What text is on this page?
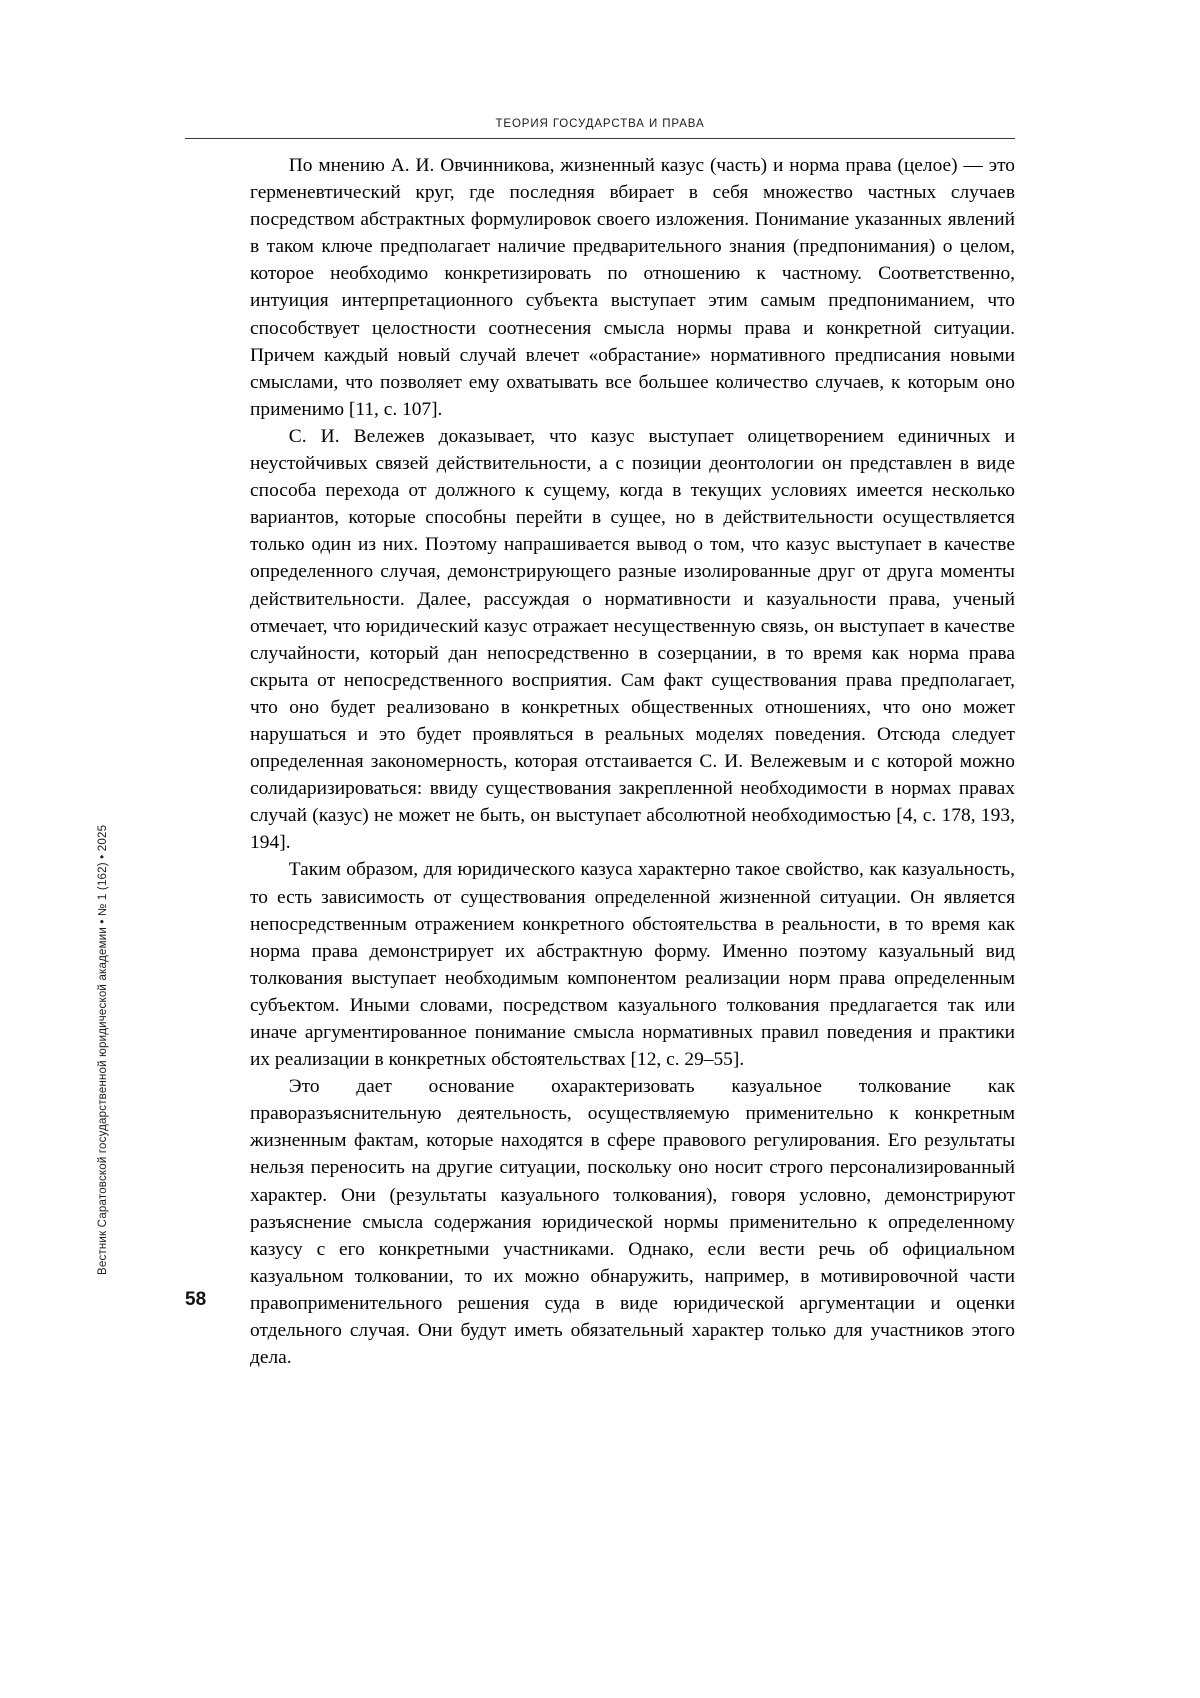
ТЕОРИЯ ГОСУДАРСТВА И ПРАВА
Вестник Саратовской государственной юридической академии • № 1 (162) • 2025
58

По мнению А. И. Овчинникова, жизненный казус (часть) и норма права (целое) — это герменевтический круг, где последняя вбирает в себя множество частных случаев посредством абстрактных формулировок своего изложения. Понимание указанных явлений в таком ключе предполагает наличие предварительного знания (предпонимания) о целом, которое необходимо конкретизировать по отношению к частному. Соответственно, интуиция интерпретационного субъекта выступает этим самым предпониманием, что способствует целостности соотнесения смысла нормы права и конкретной ситуации. Причем каждый новый случай влечет «обрастание» нормативного предписания новыми смыслами, что позволяет ему охватывать все большее количество случаев, к которым оно применимо [11, с. 107].

С. И. Вележев доказывает, что казус выступает олицетворением единичных и неустойчивых связей действительности, а с позиции деонтологии он представлен в виде способа перехода от должного к сущему, когда в текущих условиях имеется несколько вариантов, которые способны перейти в сущее, но в действительности осуществляется только один из них. Поэтому напрашивается вывод о том, что казус выступает в качестве определенного случая, демонстрирующего разные изолированные друг от друга моменты действительности. Далее, рассуждая о нормативности и казуальности права, ученый отмечает, что юридический казус отражает несущественную связь, он выступает в качестве случайности, который дан непосредственно в созерцании, в то время как норма права скрыта от непосредственного восприятия. Сам факт существования права предполагает, что оно будет реализовано в конкретных общественных отношениях, что оно может нарушаться и это будет проявляться в реальных моделях поведения. Отсюда следует определенная закономерность, которая отстаивается С. И. Вележевым и с которой можно солидаризироваться: ввиду существования закрепленной необходимости в нормах правах случай (казус) не может не быть, он выступает абсолютной необходимостью [4, с. 178, 193, 194].

Таким образом, для юридического казуса характерно такое свойство, как казуальность, то есть зависимость от существования определенной жизненной ситуации. Он является непосредственным отражением конкретного обстоятельства в реальности, в то время как норма права демонстрирует их абстрактную форму. Именно поэтому казуальный вид толкования выступает необходимым компонентом реализации норм права определенным субъектом. Иными словами, посредством казуального толкования предлагается так или иначе аргументированное понимание смысла нормативных правил поведения и практики их реализации в конкретных обстоятельствах [12, с. 29–55].

Это дает основание охарактеризовать казуальное толкование как праворазъяснительную деятельность, осуществляемую применительно к конкретным жизненным фактам, которые находятся в сфере правового регулирования. Его результаты нельзя переносить на другие ситуации, поскольку оно носит строго персонализированный характер. Они (результаты казуального толкования), говоря условно, демонстрируют разъяснение смысла содержания юридической нормы применительно к определенному казусу с его конкретными участниками. Однако, если вести речь об официальном казуальном толковании, то их можно обнаружить, например, в мотивировочной части правоприменительного решения суда в виде юридической аргументации и оценки отдельного случая. Они будут иметь обязательный характер только для участников этого дела.
